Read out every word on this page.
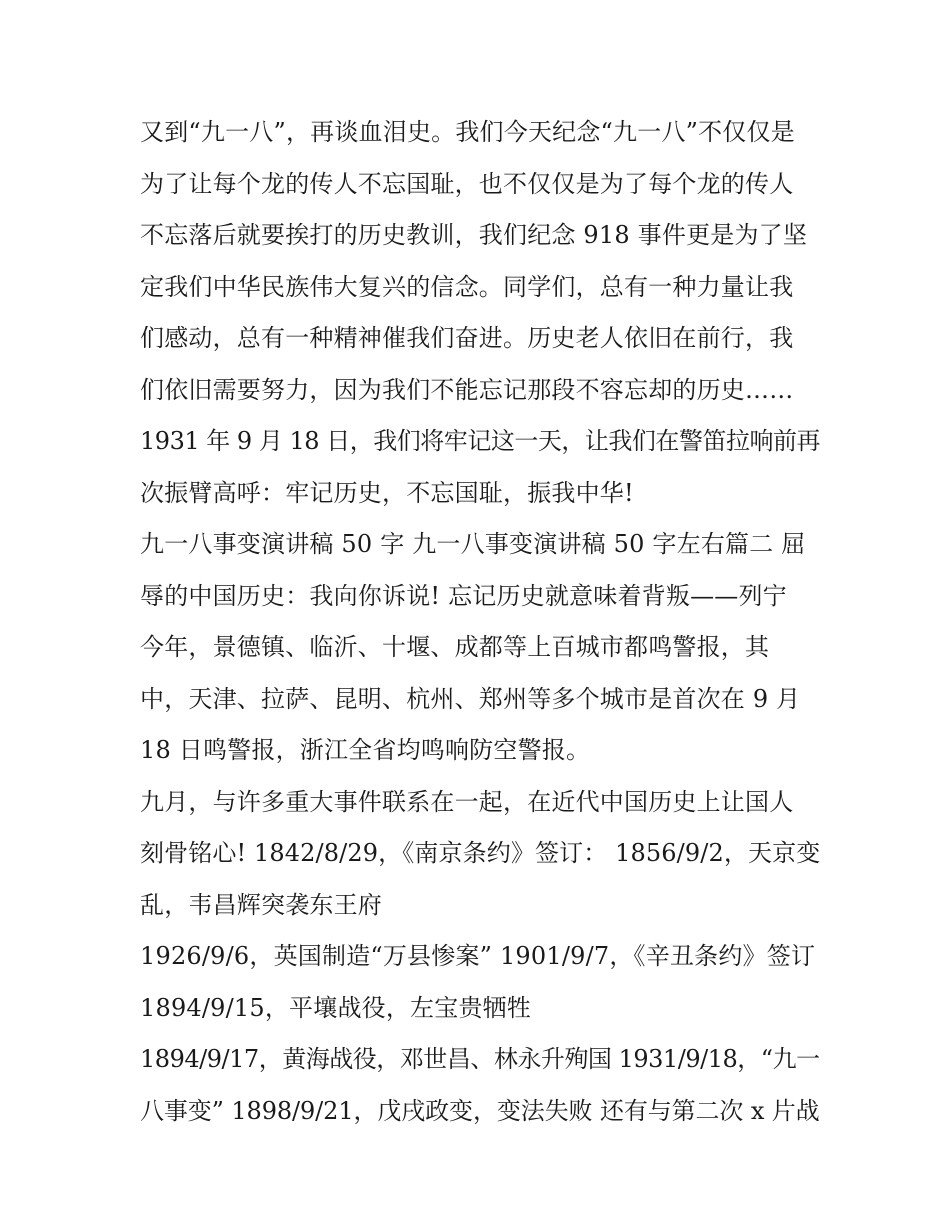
又到“九一八”，再谈血泪史。我们今天纪念“九一八”不仅仅是
为了让每个龙的传人不忘国耻，也不仅仅是为了每个龙的传人
不忘落后就要挨打的历史教训，我们纪念 918 事件更是为了坚
定我们中华民族伟大复兴的信念。同学们，总有一种力量让我
们感动，总有一种精神催我们奋进。历史老人依旧在前行，我
们依旧需要努力，因为我们不能忘记那段不容忘却的历史……
1931 年 9 月 18 日，我们将牢记这一天，让我们在警笛拉响前再
次振臂高呼：牢记历史，不忘国耻，振我中华!
九一八事变演讲稿 50 字 九一八事变演讲稿 50 字左右篇二 屈
辱的中国历史：我向你诉说! 忘记历史就意味着背叛——列宁
今年，景德镇、临沂、十堰、成都等上百城市都鸣警报，其
中，天津、拉萨、昆明、杭州、郑州等多个城市是首次在 9 月
18 日鸣警报，浙江全省均鸣响防空警报。
九月，与许多重大事件联系在一起，在近代中国历史上让国人
刻骨铭心! 1842/8/29，《南京条约》签订： 1856/9/2，天京变
乱，韦昌辉突袭东王府
1926/9/6，英国制造“万县惨案” 1901/9/7，《辛丑条约》签订
1894/9/15，平壤战役，左宝贵牺牲
1894/9/17，黄海战役，邓世昌、林永升殉国 1931/9/18，“九一
八事变” 1898/9/21，戊戌政变，变法失败 还有与第二次 x 片战
